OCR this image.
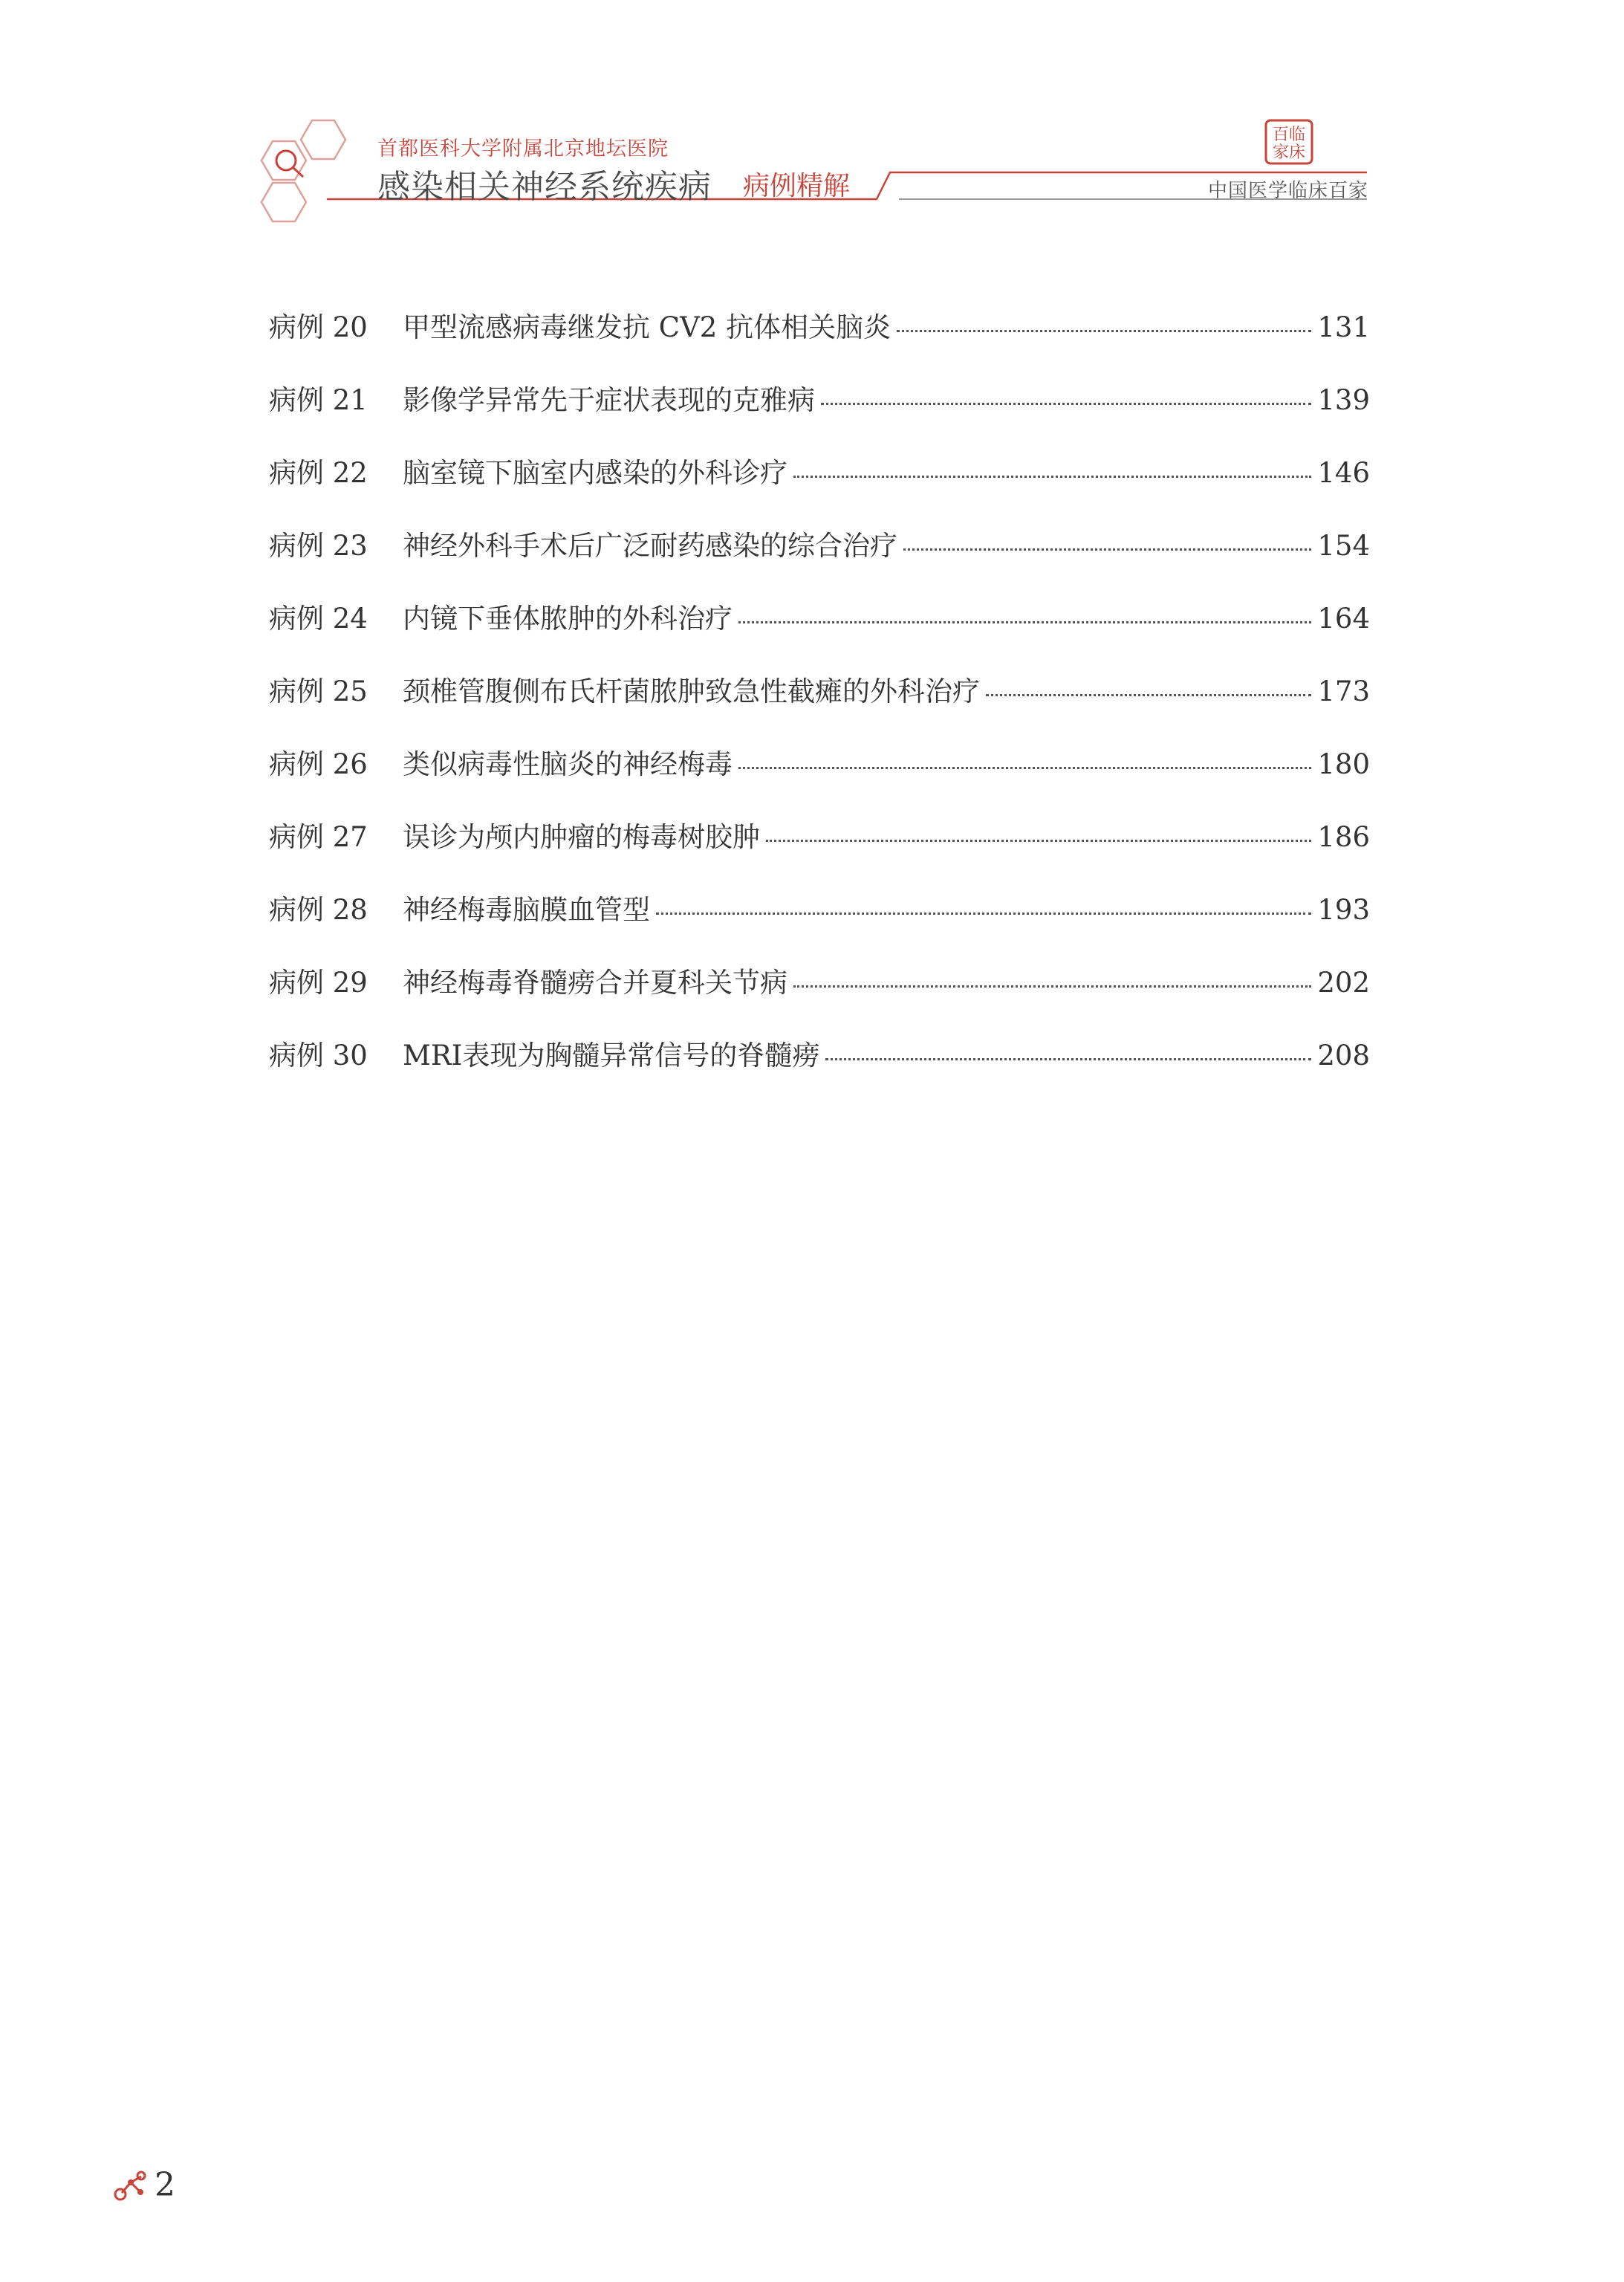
首都医科大学附属北京地坛医院
感染相关神经系统疾病 病例精解
百临
家床
中国医学临床百家
病例 20	甲型流感病毒继发抗 CV2 抗体相关脑炎	131
病例 21	影像学异常先于症状表现的克雅病	139
病例 22	脑室镜下脑室内感染的外科诊疗	146
病例 23	神经外科手术后广泛耐药感染的综合治疗	154
病例 24	内镜下垂体脓肿的外科治疗	164
病例 25	颈椎管腹侧布氏杆菌脓肿致急性截瘫的外科治疗	173
病例 26	类似病毒性脑炎的神经梅毒	180
病例 27	误诊为颅内肿瘤的梅毒树胶肿	186
病例 28	神经梅毒脑膜血管型	193
病例 29	神经梅毒脊髓痨合并夏科关节病	202
病例 30	MRI表现为胸髓异常信号的脊髓痨	208
2
